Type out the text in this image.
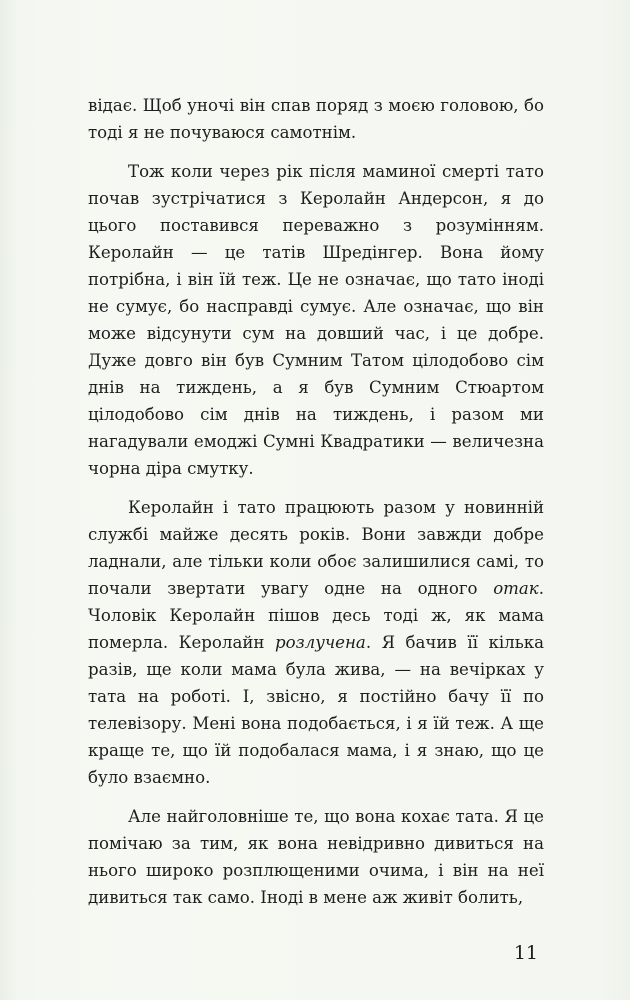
відає. Щоб уночі він спав поряд з моєю головою, бо тоді я не почуваюся самотнім.

Тож коли через рік після маминої смерті тато почав зустрічатися з Керолайн Андерсон, я до цього поставився переважно з розумінням. Керолайн — це татів Шредінгер. Вона йому потрібна, і він їй теж. Це не означає, що тато іноді не сумує, бо насправді сумує. Але означає, що він може відсунути сум на довший час, і це добре. Дуже довго він був Сумним Татом цілодобово сім днів на тиждень, а я був Сумним Стюартом цілодобово сім днів на тиждень, і разом ми нагадували емоджі Сумні Квадратики — величезна чорна діра смутку.

Керолайн і тато працюють разом у новинній службі майже десять років. Вони завжди добре ладнали, але тільки коли обоє залишилися самі, то почали звертати увагу одне на одного отак. Чоловік Керолайн пішов десь тоді ж, як мама померла. Керолайн розлучена. Я бачив її кілька разів, ще коли мама була жива, — на вечірках у тата на роботі. І, звісно, я постійно бачу її по телевізору. Мені вона подобається, і я їй теж. А ще краще те, що їй подобалася мама, і я знаю, що це було взаємно.

Але найголовніше те, що вона кохає тата. Я це помічаю за тим, як вона невідривно дивиться на нього широко розплющеними очима, і він на неї дивиться так само. Іноді в мене аж живіт болить,

11
